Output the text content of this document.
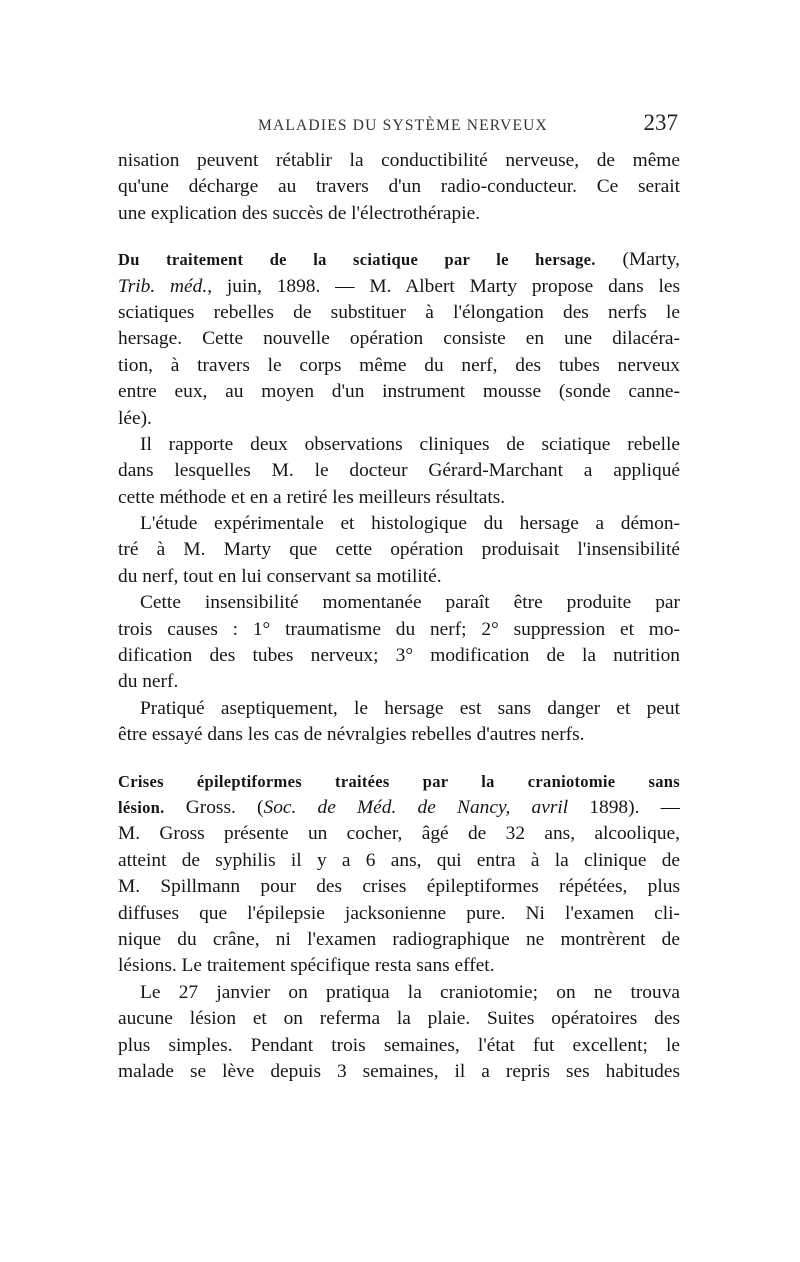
MALADIES DU SYSTÈME NERVEUX	237
nisation peuvent rétablir la conductibilité nerveuse, de même
qu'une décharge au travers d'un radio-conducteur. Ce serait
une explication des succès de l'électrothérapie.
Du traitement de la sciatique par le hersage. (Marty,
Trib. méd., juin, 1898. — M. Albert Marty propose dans les
sciatiques rebelles de substituer à l'élongation des nerfs le
hersage. Cette nouvelle opération consiste en une dilacéra-
tion, à travers le corps même du nerf, des tubes nerveux
entre eux, au moyen d'un instrument mousse (sonde canne-
lée).
Il rapporte deux observations cliniques de sciatique rebelle
dans lesquelles M. le docteur Gérard-Marchant a appliqué
cette méthode et en a retiré les meilleurs résultats.
L'étude expérimentale et histologique du hersage a démon-
tré à M. Marty que cette opération produisait l'insensibilité
du nerf, tout en lui conservant sa motilité.
Cette insensibilité momentanée paraît être produite par
trois causes : 1° traumatisme du nerf; 2° suppression et mo-
dification des tubes nerveux; 3° modification de la nutrition
du nerf.
Pratiqué aseptiquement, le hersage est sans danger et peut
être essayé dans les cas de névralgies rebelles d'autres nerfs.
Crises épileptiformes traitées par la craniotomie sans
lésion. Gross. (Soc. de Méd. de Nancy, avril 1898). —
M. Gross présente un cocher, âgé de 32 ans, alcoolique,
atteint de syphilis il y a 6 ans, qui entra à la clinique de
M. Spillmann pour des crises épileptiformes répétées, plus
diffuses que l'épilepsie jacksonienne pure. Ni l'examen cli-
nique du crâne, ni l'examen radiographique ne montrèrent de
lésions. Le traitement spécifique resta sans effet.
Le 27 janvier on pratiqua la craniotomie; on ne trouva
aucune lésion et on referma la plaie. Suites opératoires des
plus simples. Pendant trois semaines, l'état fut excellent; le
malade se lève depuis 3 semaines, il a repris ses habitudes
